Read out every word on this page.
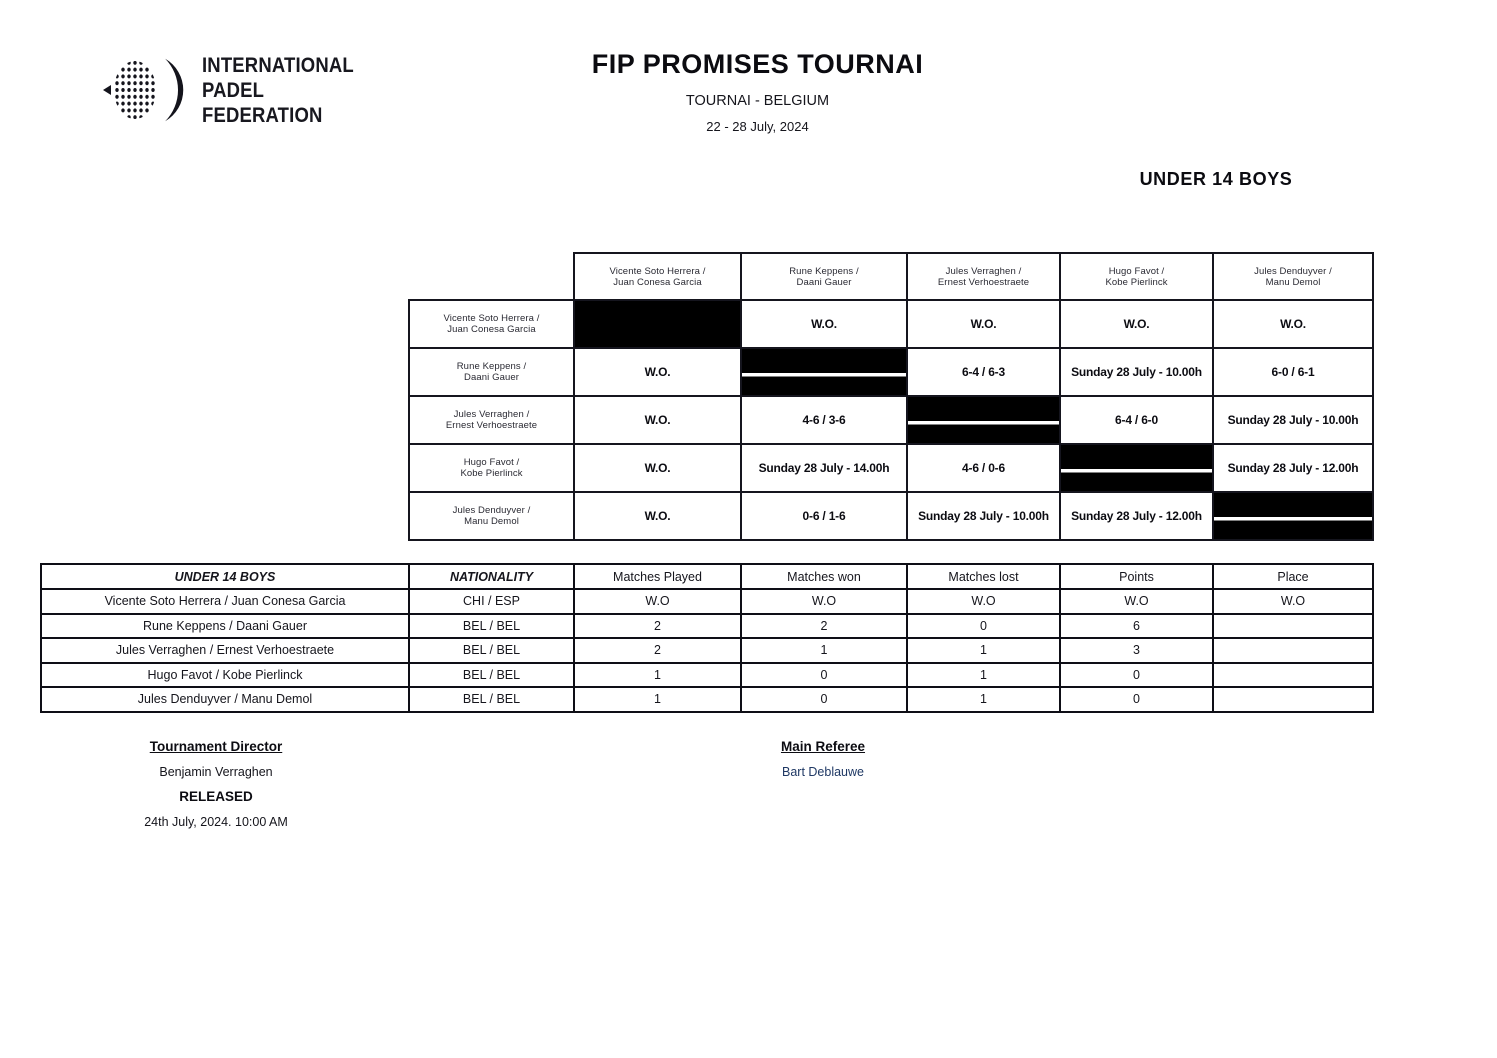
INTERNATIONAL
PADEL
FEDERATION
FIP PROMISES TOURNAI
TOURNAI - BELGIUM
22 - 28 July, 2024
UNDER 14 BOYS

	Vicente Soto Herrera /
Juan Conesa Garcia	Rune Keppens /
Daani Gauer	Jules Verraghen /
Ernest Verhoestraete	Hugo Favot /
Kobe Pierlinck	Jules Denduyver /
Manu Demol

Vicente Soto Herrera /
Juan Conesa Garcia		W.O.	W.O.	W.O.	W.O.

Rune Keppens /
Daani Gauer	W.O.		6-4 / 6-3	Sunday 28 July - 10.00h	6-0 / 6-1

Jules Verraghen /
Ernest Verhoestraete	W.O.	4-6 / 3-6		6-4 / 6-0	Sunday 28 July - 10.00h

Hugo Favot /
Kobe Pierlinck	W.O.	Sunday 28 July - 14.00h	4-6 / 0-6		Sunday 28 July - 12.00h

Jules Denduyver /
Manu Demol	W.O.	0-6 / 1-6	Sunday 28 July - 10.00h	Sunday 28 July - 12.00h	
UNDER 14 BOYS	NATIONALITY	Matches Played	Matches won	Matches lost	Points	Place
Vicente Soto Herrera / Juan Conesa Garcia	CHI / ESP	W.O	W.O	W.O	W.O	W.O
Rune Keppens / Daani Gauer	BEL / BEL	2	2	0	6	
Jules Verraghen / Ernest Verhoestraete	BEL / BEL	2	1	1	3	
Hugo Favot / Kobe Pierlinck	BEL / BEL	1	0	1	0	
Jules Denduyver / Manu Demol	BEL / BEL	1	0	1	0	
Tournament Director
Benjamin Verraghen
RELEASED
24th July, 2024. 10:00 AM
Main Referee
Bart Deblauwe
